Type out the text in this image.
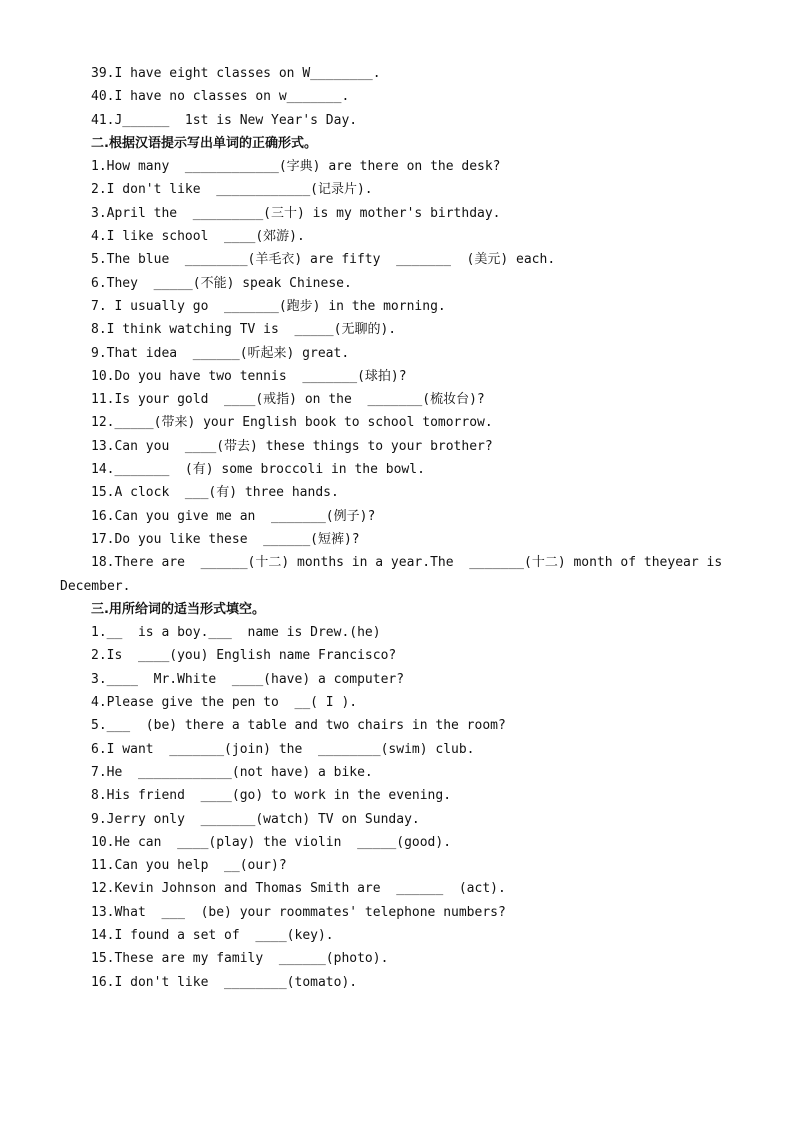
39.I have eight classes on W________.
40.I have no classes on w_______.
41.J______  1st is New Year's Day.
二.根据汉语提示写出单词的正确形式。
1.How many  ____________(字典) are there on the desk?
2.I don't like  ____________(记录片).
3.April the  _________(三十) is my mother's birthday.
4.I like school  ____(郊游).
5.The blue  ________(羊毛衣) are fifty  _______  (美元) each.
6.They  _____(不能) speak Chinese.
7. I usually go  _______(跑步) in the morning.
8.I think watching TV is  _____(无聊的).
9.That idea  ______(听起来) great.
10.Do you have two tennis  _______(球拍)?
11.Is your gold  ____(戒指) on the  _______(梳妆台)?
12._____(带来) your English book to school tomorrow.
13.Can you  ____(带去) these things to your brother?
14._______  (有) some broccoli in the bowl.
15.A clock  ___(有) three hands.
16.Can you give me an  _______(例子)?
17.Do you like these  ______(短裤)?
18.There are  ______(十二) months in a year.The  _______(十二) month of theyear is
December.
三.用所给词的适当形式填空。
1.__  is a boy.___  name is Drew.(he)
2.Is  ____(you) English name Francisco?
3.____  Mr.White  ____(have) a computer?
4.Please give the pen to  __( I ).
5.___  (be) there a table and two chairs in the room?
6.I want  _______(join) the  ________(swim) club.
7.He  ____________(not have) a bike.
8.His friend  ____(go) to work in the evening.
9.Jerry only  _______(watch) TV on Sunday.
10.He can  ____(play) the violin  _____(good).
11.Can you help  __(our)?
12.Kevin Johnson and Thomas Smith are  ______  (act).
13.What  ___  (be) your roommates' telephone numbers?
14.I found a set of  ____(key).
15.These are my family  ______(photo).
16.I don't like  ________(tomato).
